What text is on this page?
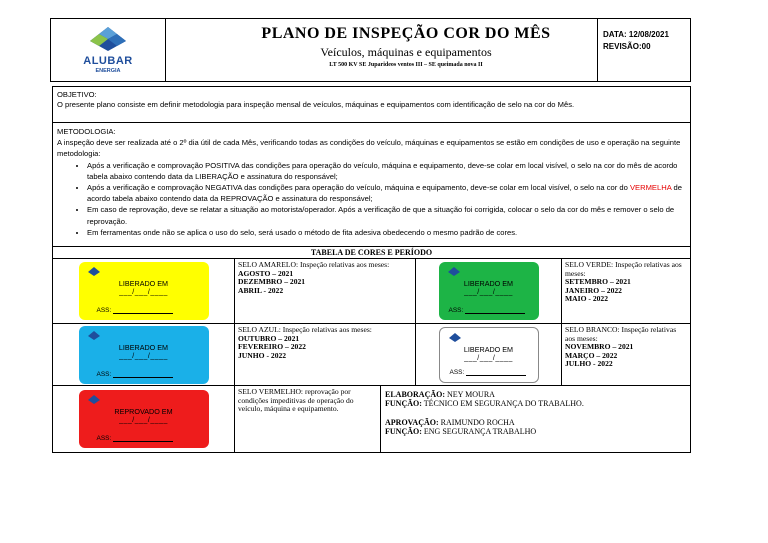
ALUBAR
ENERGIA
PLANO DE INSPEÇÃO COR DO MÊS
Veículos, máquinas e equipamentos
LT 500 KV SE Juparideos ventos III – SE queimada nova II
DATA: 12/08/2021
REVISÃO:00
OBJETIVO:
O presente plano consiste em definir metodologia para inspeção mensal de veículos, máquinas e equipamentos com identificação de selo na cor do Mês.
METODOLOGIA:
A inspeção deve ser realizada até o 2º dia útil de cada Mês, verificando todas as condições do veículo, máquinas e equipamentos se estão em condições de uso e operação na seguinte metodologia:
• Após a verificação e comprovação POSITIVA das condições para operação do veículo, máquina e equipamento, deve-se colar em local visível, o selo na cor do mês de acordo tabela abaixo contendo data da LIBERAÇÃO e assinatura do responsável;
• Após a verificação e comprovação NEGATIVA das condições para operação do veículo, máquina e equipamento, deve-se colar em local visível, o selo na cor do VERMELHA de acordo tabela abaixo contendo data da REPROVAÇÃO e assinatura do responsável;
• Em caso de reprovação, deve se relatar a situação ao motorista/operador. Após a verificação de que a situação foi corrigida, colocar o selo da cor do mês e remover o selo de reprovação.
• Em ferramentas onde não se aplica o uso do selo, será usado o método de fita adesiva obedecendo o mesmo padrão de cores.
TABELA DE CORES E PERÍODO
LIBERADO EM
___/___/____
ASS:
SELO AMARELO: Inspeção relativas aos meses:
AGOSTO – 2021
DEZEMBRO – 2021
ABRIL - 2022
LIBERADO EM
___/___/____
ASS:
SELO VERDE: Inspeção relativas aos meses:
SETEMBRO – 2021
JANEIRO – 2022
MAIO - 2022
LIBERADO EM
___/___/____
ASS:
SELO AZUL: Inspeção relativas aos meses:
OUTUBRO – 2021
FEVEREIRO – 2022
JUNHO - 2022
LIBERADO EM
___/___/____
ASS:
SELO BRANCO: Inspeção relativas aos meses:
NOVEMBRO – 2021
MARÇO – 2022
JULHO - 2022
REPROVADO EM
___/___/____
ASS:
SELO VERMELHO: reprovação por condições impeditivas de operação do veículo, máquina e equipamento.
ELABORAÇÃO: NEY MOURA
FUNÇÃO: TÉCNICO EM SEGURANÇA DO TRABALHO.
APROVAÇÃO: RAIMUNDO ROCHA
FUNÇÃO: ENG SEGURANÇA TRABALHO
